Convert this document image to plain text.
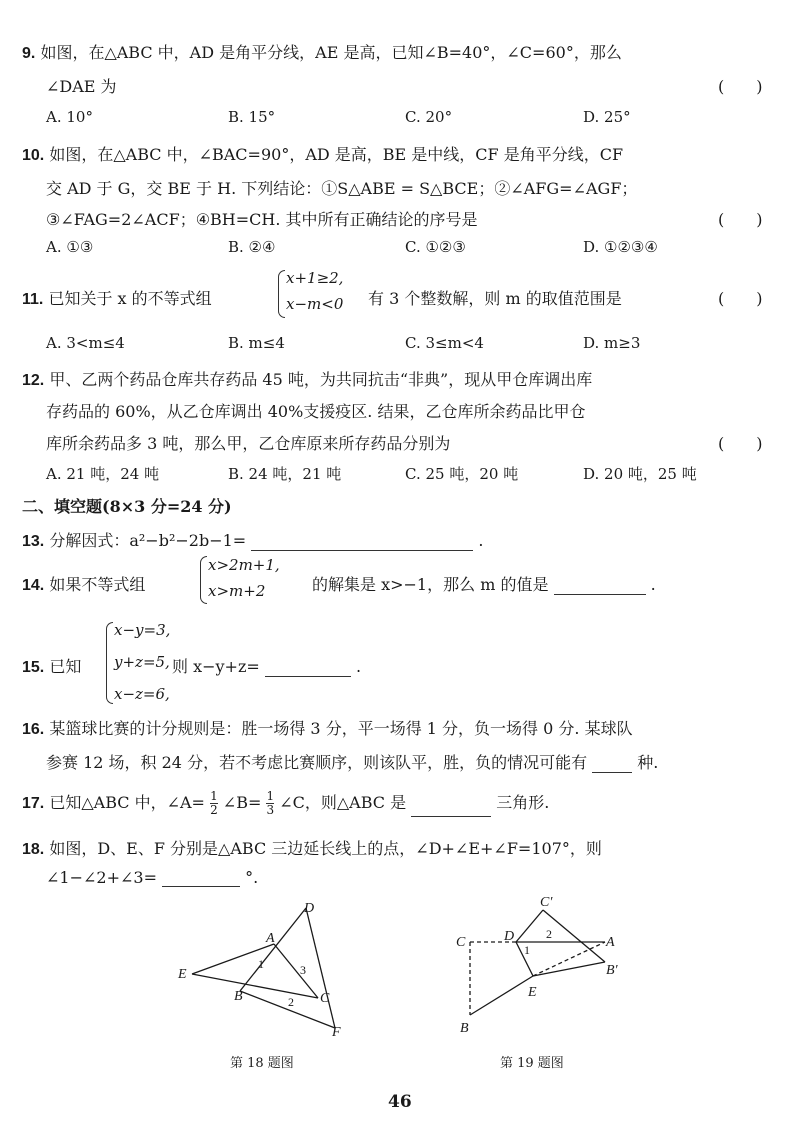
9. 如图，在△ABC 中，AD 是角平分线，AE 是高，已知∠B=40°，∠C=60°，那么
∠DAE 为	(　　)
A. 10°	B. 15°	C. 20°	D. 25°
10. 如图，在△ABC 中，∠BAC=90°，AD 是高，BE 是中线，CF 是角平分线，CF
交 AD 于 G，交 BE 于 H. 下列结论：①S△ABE = S△BCE；②∠AFG=∠AGF；
③∠FAG=2∠ACF；④BH=CH. 其中所有正确结论的序号是	(　　)
A. ①③	B. ②④	C. ①②③	D. ①②③④
11. 已知关于 x 的不等式组
x+1≥2,
x−m<0 有 3 个整数解，则 m 的取值范围是	(　　)
A. 3<m≤4	B. m≤4	C. 3≤m<4	D. m≥3
12. 甲、乙两个药品仓库共存药品 45 吨，为共同抗击“非典”，现从甲仓库调出库
存药品的 60%，从乙仓库调出 40%支援疫区. 结果，乙仓库所余药品比甲仓
库所余药品多 3 吨，那么甲，乙仓库原来所存药品分别为	(　　)
A. 21 吨，24 吨	B. 24 吨，21 吨	C. 25 吨，20 吨	D. 20 吨，25 吨
二、填空题(8×3 分=24 分)
13. 分解因式：a²−b²−2b−1=	.
14. 如果不等式组
x>2m+1,
x>m+2	的解集是 x>−1，那么 m 的值是	.
15. 已知
x−y=3,
y+z=5,
x−z=6,
则 x−y+z=	.
16. 某篮球比赛的计分规则是：胜一场得 3 分，平一场得 1 分，负一场得 0 分. 某球队
参赛 12 场，积 24 分，若不考虑比赛顺序，则该队平，胜，负的情况可能有	种.
17. 已知△ABC 中，∠A= $\frac{1}{2}$ ∠B= $\frac{1}{3}$ ∠C，则△ABC 是	三角形.
18. 如图，D、E、F 分别是△ABC 三边延长线上的点，∠D+∠E+∠F=107°，则
∠1−∠2+∠3=	°.
D
A
E
B	C
F
1
2
3
第 18 题图
C′
D	A
C
B′
E
B
1
2
第 19 题图
46
